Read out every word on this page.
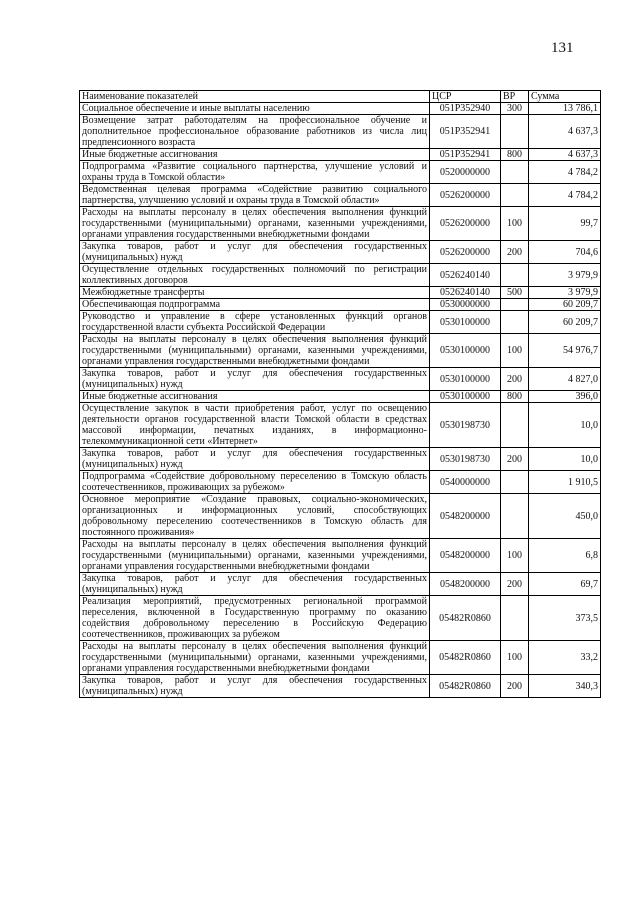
131
Наименование показателей	ЦСР	ВР	Сумма
Социальное обеспечение и иные выплаты населению	051Р352940	300	13 786,1
Возмещение затрат работодателям на профессиональное обучение и дополнительное профессиональное образование работников из числа лиц предпенсионного возраста	051Р352941		4 637,3
Иные бюджетные ассигнования	051Р352941	800	4 637,3
Подпрограмма «Развитие социального партнерства, улучшение условий и охраны труда в Томской области»	0520000000		4 784,2
Ведомственная целевая программа «Содействие развитию социального партнерства, улучшению условий и охраны труда в Томской области»	0526200000		4 784,2
Расходы на выплаты персоналу в целях обеспечения выполнения функций государственными (муниципальными) органами, казенными учреждениями, органами управления государственными внебюджетными фондами	0526200000	100	99,7
Закупка товаров, работ и услуг для обеспечения государственных (муниципальных) нужд	0526200000	200	704,6
Осуществление отдельных государственных полномочий по регистрации коллективных договоров	0526240140		3 979,9
Межбюджетные трансферты	0526240140	500	3 979,9
Обеспечивающая подпрограмма	0530000000		60 209,7
Руководство и управление в сфере установленных функций органов государственной власти субъекта Российской Федерации	0530100000		60 209,7
Расходы на выплаты персоналу в целях обеспечения выполнения функций государственными (муниципальными) органами, казенными учреждениями, органами управления государственными внебюджетными фондами	0530100000	100	54 976,7
Закупка товаров, работ и услуг для обеспечения государственных (муниципальных) нужд	0530100000	200	4 827,0
Иные бюджетные ассигнования	0530100000	800	396,0
Осуществление закупок в части приобретения работ, услуг по освещению деятельности органов государственной власти Томской области в средствах массовой информации, печатных изданиях, в информационно-телекоммуникационной сети «Интернет»	0530198730		10,0
Закупка товаров, работ и услуг для обеспечения государственных (муниципальных) нужд	0530198730	200	10,0
Подпрограмма «Содействие добровольному переселению в Томскую область соотечественников, проживающих за рубежом»	0540000000		1 910,5
Основное мероприятие «Создание правовых, социально-экономических, организационных и информационных условий, способствующих добровольному переселению соотечественников в Томскую область для постоянного проживания»	0548200000		450,0
Расходы на выплаты персоналу в целях обеспечения выполнения функций государственными (муниципальными) органами, казенными учреждениями, органами управления государственными внебюджетными фондами	0548200000	100	6,8
Закупка товаров, работ и услуг для обеспечения государственных (муниципальных) нужд	0548200000	200	69,7
Реализация мероприятий, предусмотренных региональной программой переселения, включенной в Государственную программу по оказанию содействия добровольному переселению в Российскую Федерацию соотечественников, проживающих за рубежом	05482R0860		373,5
Расходы на выплаты персоналу в целях обеспечения выполнения функций государственными (муниципальными) органами, казенными учреждениями, органами управления государственными внебюджетными фондами	05482R0860	100	33,2
Закупка товаров, работ и услуг для обеспечения государственных (муниципальных) нужд	05482R0860	200	340,3
